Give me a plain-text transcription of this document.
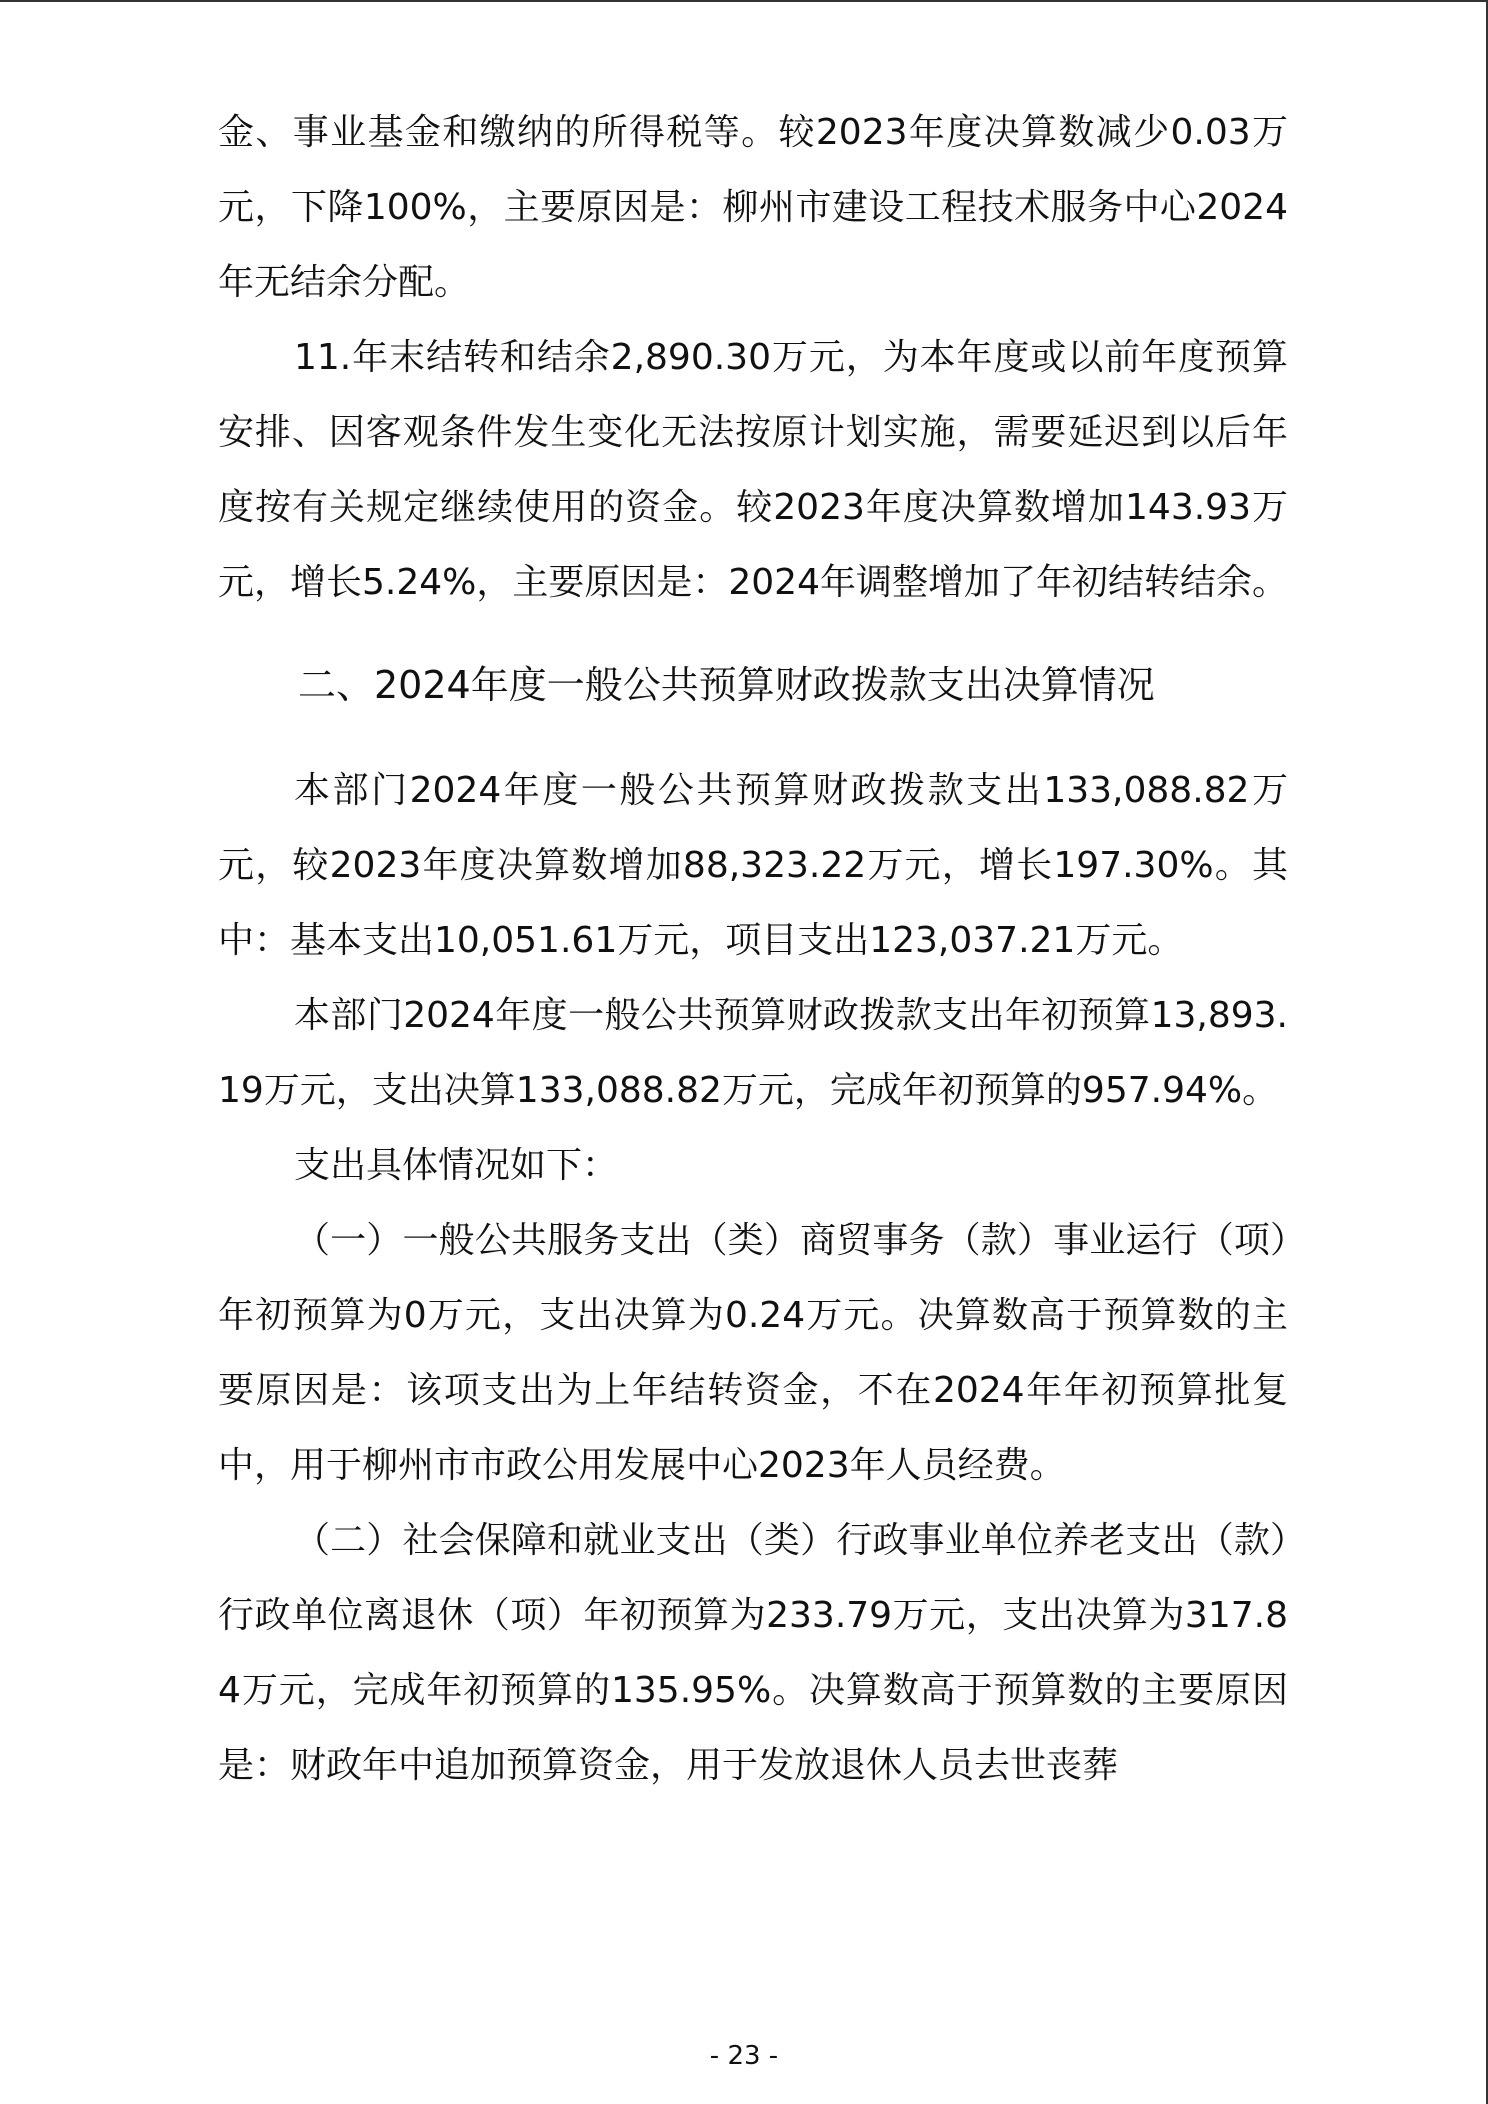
金、事业基金和缴纳的所得税等。较2023年度决算数减少0.03万元，下降100%，主要原因是：柳州市建设工程技术服务中心2024年无结余分配。

11.年末结转和结余2,890.30万元，为本年度或以前年度预算安排、因客观条件发生变化无法按原计划实施，需要延迟到以后年度按有关规定继续使用的资金。较2023年度决算数增加143.93万元，增长5.24%，主要原因是：2024年调整增加了年初结转结余。

二、2024年度一般公共预算财政拨款支出决算情况

本部门2024年度一般公共预算财政拨款支出133,088.82万元，较2023年度决算数增加88,323.22万元，增长197.30%。其中：基本支出10,051.61万元，项目支出123,037.21万元。

本部门2024年度一般公共预算财政拨款支出年初预算13,893.19万元，支出决算133,088.82万元，完成年初预算的957.94%。

支出具体情况如下：

（一）一般公共服务支出（类）商贸事务（款）事业运行（项）年初预算为0万元，支出决算为0.24万元。决算数高于预算数的主要原因是：该项支出为上年结转资金，不在2024年年初预算批复中，用于柳州市市政公用发展中心2023年人员经费。

（二）社会保障和就业支出（类）行政事业单位养老支出（款）行政单位离退休（项）年初预算为233.79万元，支出决算为317.84万元，完成年初预算的135.95%。决算数高于预算数的主要原因是：财政年中追加预算资金，用于发放退休人员去世丧葬

- 23 -
